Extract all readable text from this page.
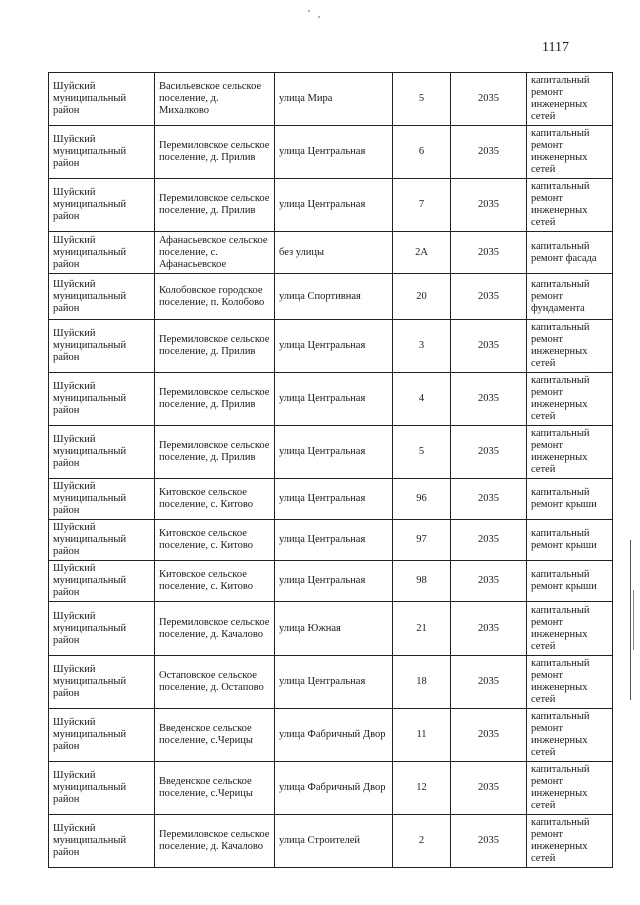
1117
Шуйский муниципальный район	Васильевское сельское поселение, д. Михалково	улица Мира	5	2035	капитальный ремонт инженерных сетей
Шуйский муниципальный район	Перемиловское сельское поселение, д. Прилив	улица Центральная	6	2035	капитальный ремонт инженерных сетей
Шуйский муниципальный район	Перемиловское сельское поселение, д. Прилив	улица Центральная	7	2035	капитальный ремонт инженерных сетей
Шуйский муниципальный район	Афанасьевское сельское поселение, с. Афанасьевское	без улицы	2А	2035	капитальный ремонт фасада
Шуйский муниципальный район	Колобовское городское поселение, п. Колобово	улица Спортивная	20	2035	капитальный ремонт фундамента
Шуйский муниципальный район	Перемиловское сельское поселение, д. Прилив	улица Центральная	3	2035	капитальный ремонт инженерных сетей
Шуйский муниципальный район	Перемиловское сельское поселение, д. Прилив	улица Центральная	4	2035	капитальный ремонт инженерных сетей
Шуйский муниципальный район	Перемиловское сельское поселение, д. Прилив	улица Центральная	5	2035	капитальный ремонт инженерных сетей
Шуйский муниципальный район	Китовское сельское поселение, с. Китово	улица Центральная	96	2035	капитальный ремонт крыши
Шуйский муниципальный район	Китовское сельское поселение, с. Китово	улица Центральная	97	2035	капитальный ремонт крыши
Шуйский муниципальный район	Китовское сельское поселение, с. Китово	улица Центральная	98	2035	капитальный ремонт крыши
Шуйский муниципальный район	Перемиловское сельское поселение, д. Качалово	улица Южная	21	2035	капитальный ремонт инженерных сетей
Шуйский муниципальный район	Остаповское сельское поселение, д. Остапово	улица Центральная	18	2035	капитальный ремонт инженерных сетей
Шуйский муниципальный район	Введенское сельское поселение, с.Черицы	улица Фабричный Двор	11	2035	капитальный ремонт инженерных сетей
Шуйский муниципальный район	Введенское сельское поселение, с.Черицы	улица Фабричный Двор	12	2035	капитальный ремонт инженерных сетей
Шуйский муниципальный район	Перемиловское сельское поселение, д. Качалово	улица Строителей	2	2035	капитальный ремонт инженерных сетей
